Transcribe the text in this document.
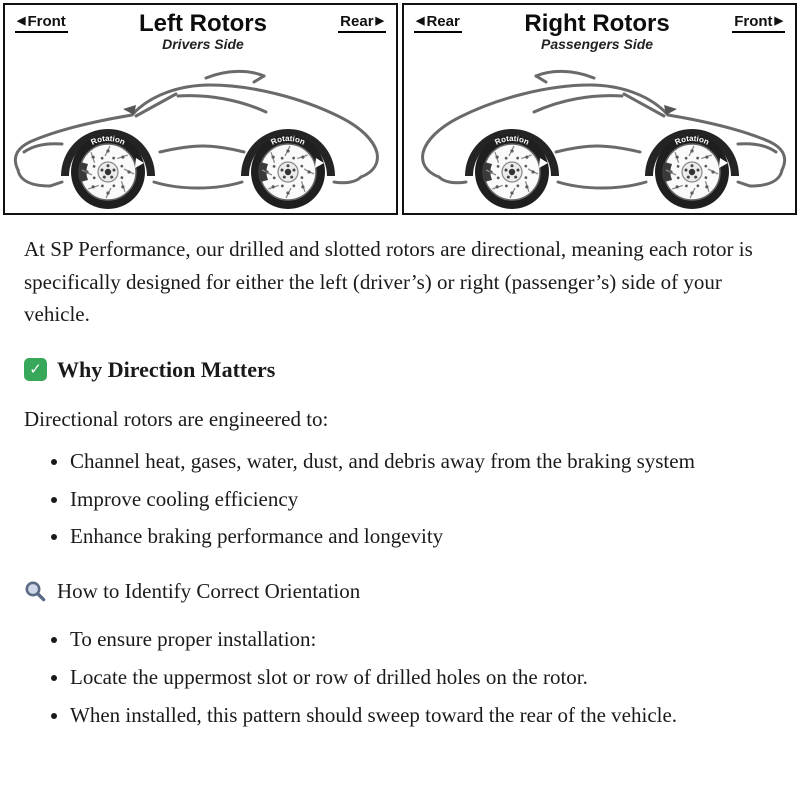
◀ Front	Left Rotors
Drivers Side
Rear ▶	◀ Rear	Right Rotors
Passengers Side
Front ▶

At SP Performance, our drilled and slotted rotors are directional, meaning each rotor is specifically designed for either the left (driver’s) or right (passenger’s) side of your vehicle.

✓
Why Direction Matters

Directional rotors are engineered to:

• Channel heat, gases, water, dust, and debris away from the braking system
• Improve cooling efficiency
• Enhance braking performance and longevity
How to Identify Correct Orientation
• To ensure proper installation:
• Locate the uppermost slot or row of drilled holes on the rotor.
• When installed, this pattern should sweep toward the rear of the vehicle.
